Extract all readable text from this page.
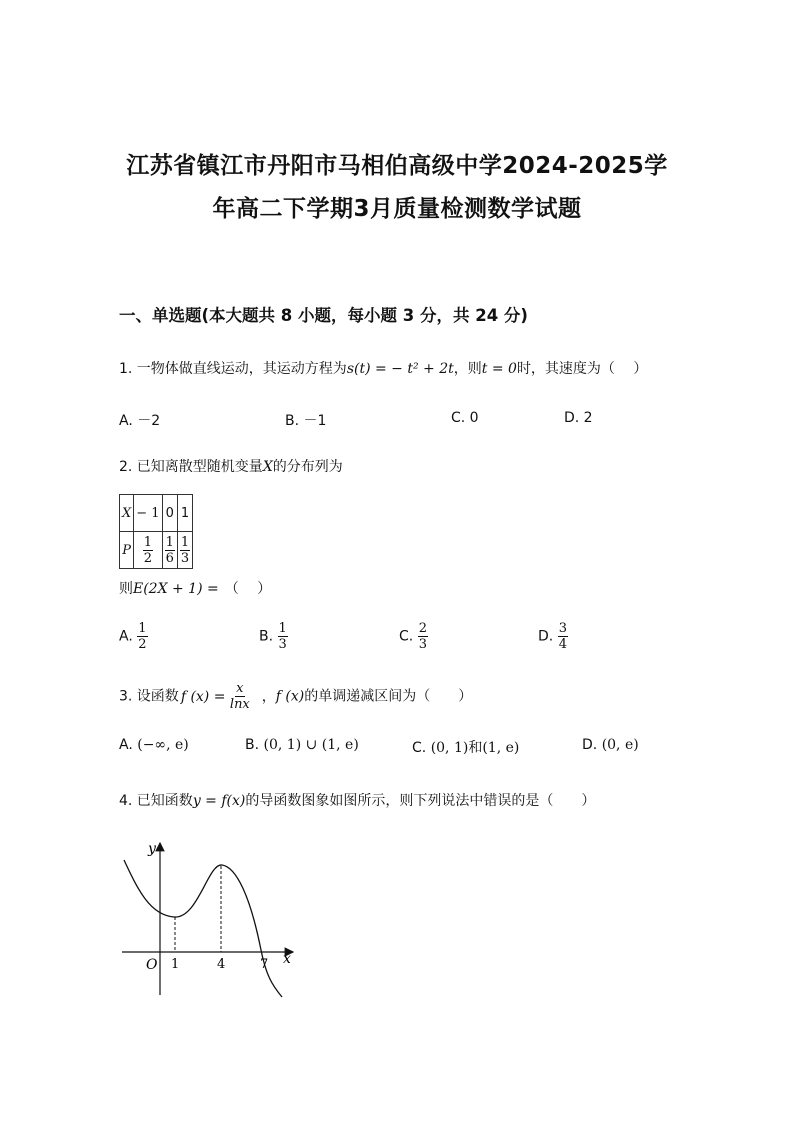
江苏省镇江市丹阳市马相伯高级中学2024-2025学
年高二下学期3月质量检测数学试题
一、单选题(本大题共 8 小题，每小题 3 分，共 24 分)
1. 一物体做直线运动，其运动方程为s(t) = − t² + 2t，则t = 0时，其速度为（　 ）
A. －2	B. －1	C. 0	D. 2
2. 已知离散型随机变量X的分布列为
X	− 1	0	1
P	$\frac{1}{2}$	$\frac{1}{6}$	$\frac{1}{3}$
则E(2X + 1) = （　 ）
A. $\frac{1}{2}$	B. $\frac{1}{3}$	C. $\frac{2}{3}$	D. $\frac{3}{4}$
3. 设函数 f $(x) = \frac{x}{\ln x}$ ，f (x)的单调递减区间为（　　）
A. (−∞, e)	B. (0, 1) ∪ (1, e)	C. (0, 1)和(1, e)	D. (0, e)
4. 已知函数y = f(x)的导函数图象如图所示，则下列说法中错误的是（　　）
y
x
O 1	4	7
